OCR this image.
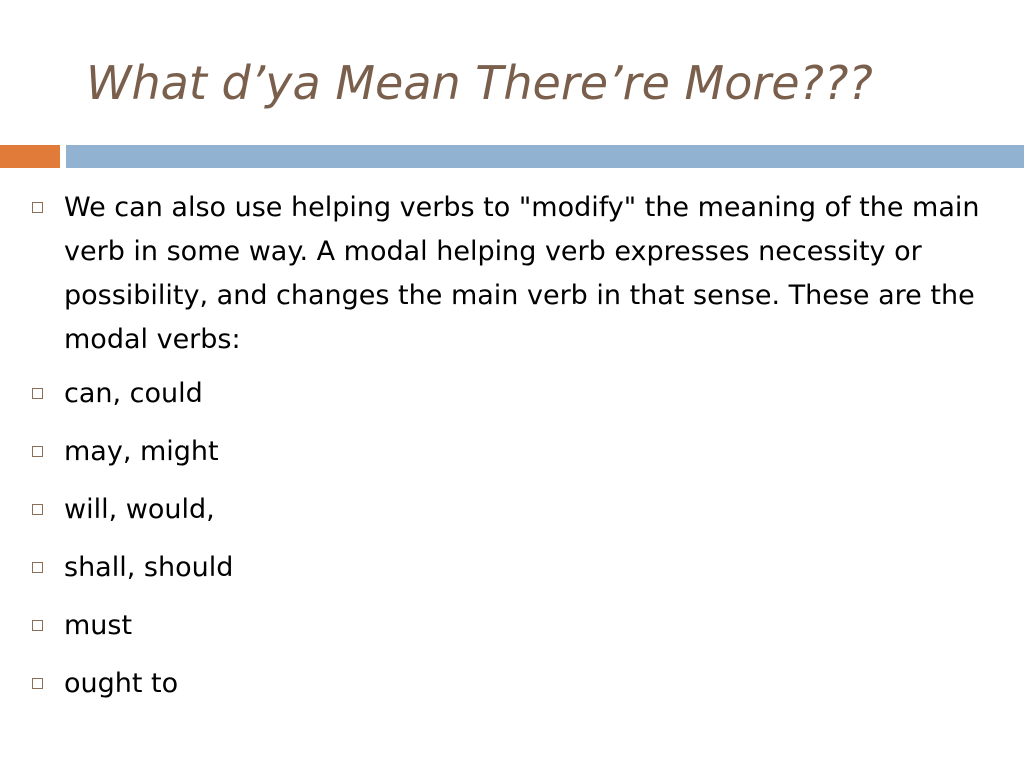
What d’ya Mean There’re More???
We can also use helping verbs to "modify" the meaning of the main verb in some way. A modal helping verb expresses necessity or possibility, and changes the main verb in that sense. These are the modal verbs:
can, could
may, might
will, would,
shall, should
must
ought to
